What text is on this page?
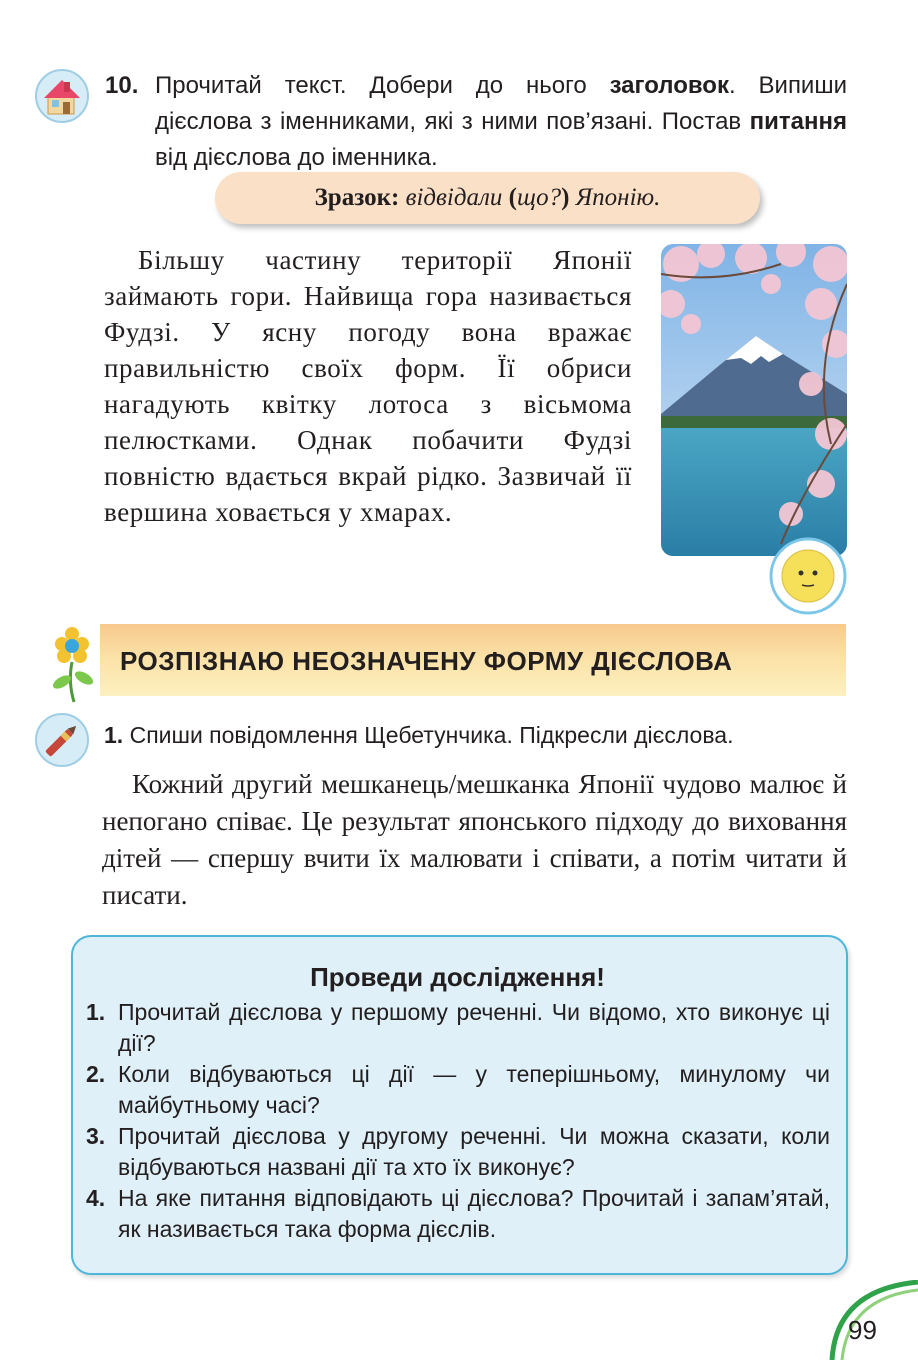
10. Прочитай текст. Добери до нього заголовок. Випиши дієслова з іменниками, які з ними пов’язані. Постав питання від дієслова до іменника.
Зразок: відвідали (що?) Японію.

Більшу частину території Японії займають гори. Найвища гора називається Фудзі. У ясну погоду вона вражає правильністю своїх форм. Її обриси нагадують квітку лотоса з вісьмома пелюстками. Однак побачити Фудзі повністю вдається вкрай рідко. Зазвичай її вершина ховається у хмарах.

РОЗПІЗНАЮ НЕОЗНАЧЕНУ ФОРМУ ДІЄСЛОВА
1. Спиши повідомлення Щебетунчика. Підкресли дієслова.

Кожний другий мешканець/мешканка Японії чудово малює й непогано співає. Це результат японського підходу до виховання дітей — спершу вчити їх малювати і співати, а потім читати й писати.

Проведи дослідження!
1. Прочитай дієслова у першому реченні. Чи відомо, хто виконує ці дії?
2. Коли відбуваються ці дії — у теперішньому, минулому чи майбутньому часі?
3. Прочитай дієслова у другому реченні. Чи можна сказати, коли відбуваються названі дії та хто їх виконує?
4. На яке питання відповідають ці дієслова? Прочитай і запам’ятай, як називається така форма дієслів.
99
